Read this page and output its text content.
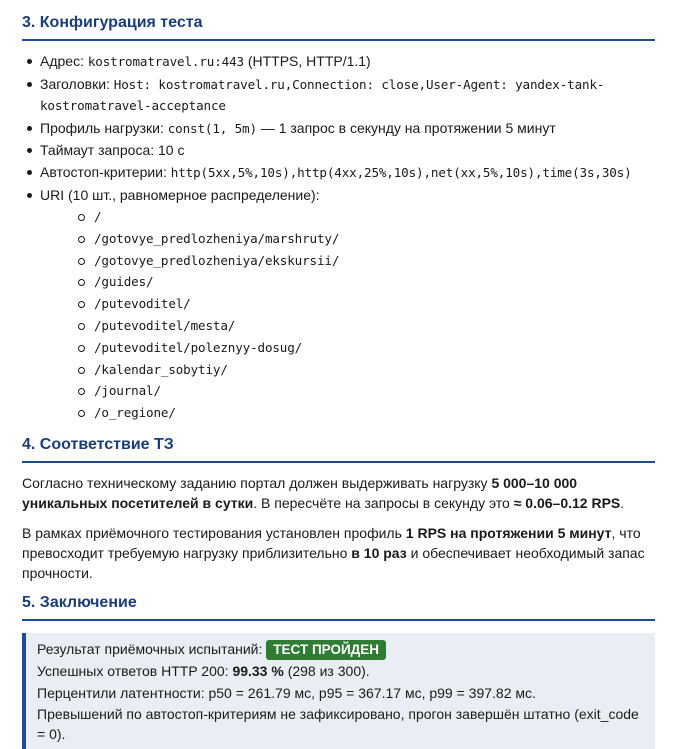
3. Конфигурация теста
Адрес: kostromatravel.ru:443 (HTTPS, HTTP/1.1)
Заголовки: Host: kostromatravel.ru,Connection: close,User-Agent: yandex-tank-
kostromatravel-acceptance
Профиль нагрузки: const(1, 5m) — 1 запрос в секунду на протяжении 5 минут
Таймаут запроса: 10 с
Автостоп-критерии: http(5xx,5%,10s),http(4xx,25%,10s),net(xx,5%,10s),time(3s,30s)
URI (10 шт., равномерное распределение):
/
/gotovye_predlozheniya/marshruty/
/gotovye_predlozheniya/ekskursii/
/guides/
/putevoditel/
/putevoditel/mesta/
/putevoditel/poleznyy-dosug/
/kalendar_sobytiy/
/journal/
/o_regione/
4. Соответствие ТЗ

Согласно техническому заданию портал должен выдерживать нагрузку 5 000–10 000 уникальных посетителей в сутки. В пересчёте на запросы в секунду это ≈ 0.06–0.12 RPS.

В рамках приёмочного тестирования установлен профиль 1 RPS на протяжении 5 минут, что превосходит требуемую нагрузку приблизительно в 10 раз и обеспечивает необходимый запас прочности.

5. Заключение
Результат приёмочных испытаний: ТЕСТ ПРОЙДЕН
Успешных ответов HTTP 200: 99.33 % (298 из 300).
Перцентили латентности: p50 = 261.79 мс, p95 = 367.17 мс, p99 = 397.82 мс.
Превышений по автостоп-критериям не зафиксировано, прогон завершён штатно (exit_code = 0).
